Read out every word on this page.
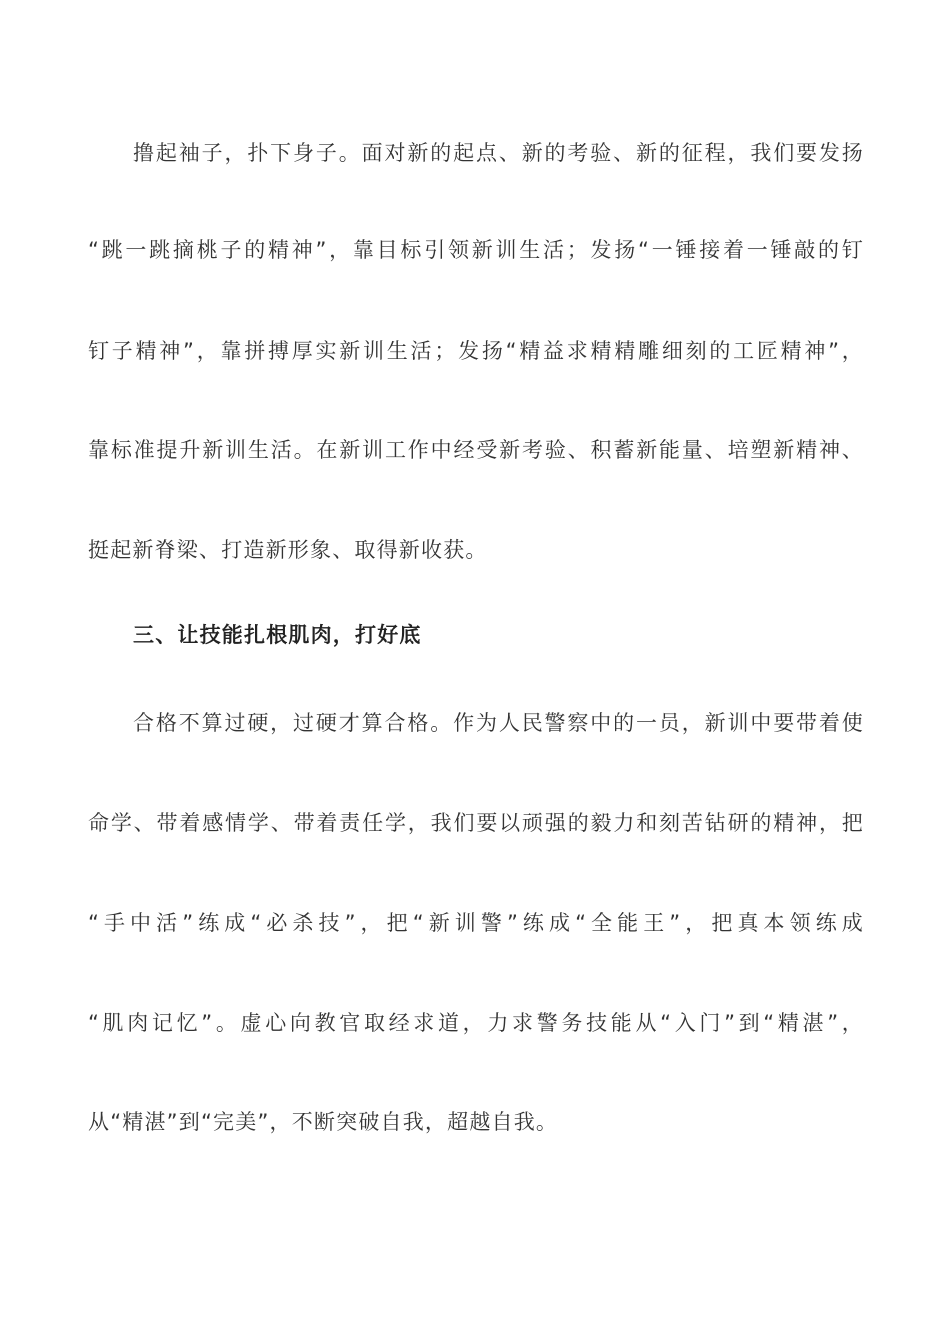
撸起袖子，扑下身子。面对新的起点、新的考验、新的征程，我们要发扬
“跳一跳摘桃子的精神”，靠目标引领新训生活；发扬“一锤接着一锤敲的钉
钉子精神”，靠拼搏厚实新训生活；发扬“精益求精精雕细刻的工匠精神”，
靠标准提升新训生活。在新训工作中经受新考验、积蓄新能量、培塑新精神、
挺起新脊梁、打造新形象、取得新收获。
三、让技能扎根肌肉，打好底
合格不算过硬，过硬才算合格。作为人民警察中的一员，新训中要带着使
命学、带着感情学、带着责任学，我们要以顽强的毅力和刻苦钻研的精神，把
“手中活”练成“必杀技”，把“新训警”练成“全能王”，把真本领练成
“肌肉记忆”。虚心向教官取经求道，力求警务技能从“入门”到“精湛”，
从“精湛”到“完美”，不断突破自我，超越自我。
